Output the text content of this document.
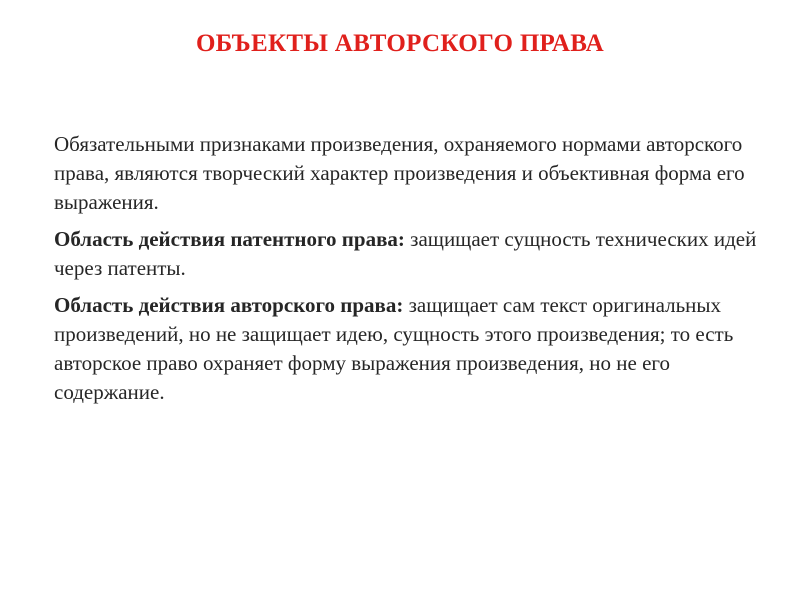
ОБЪЕКТЫ АВТОРСКОГО ПРАВА

Обязательными признаками произведения, охраняемого нормами авторского права, являются творческий характер произведения и объективная форма его выражения.

Область действия патентного права: защищает сущность технических идей через патенты.

Область действия авторского права: защищает сам текст оригинальных произведений, но не защищает идею, сущность этого произведения; то есть авторское право охраняет форму выражения произведения, но не его содержание.
